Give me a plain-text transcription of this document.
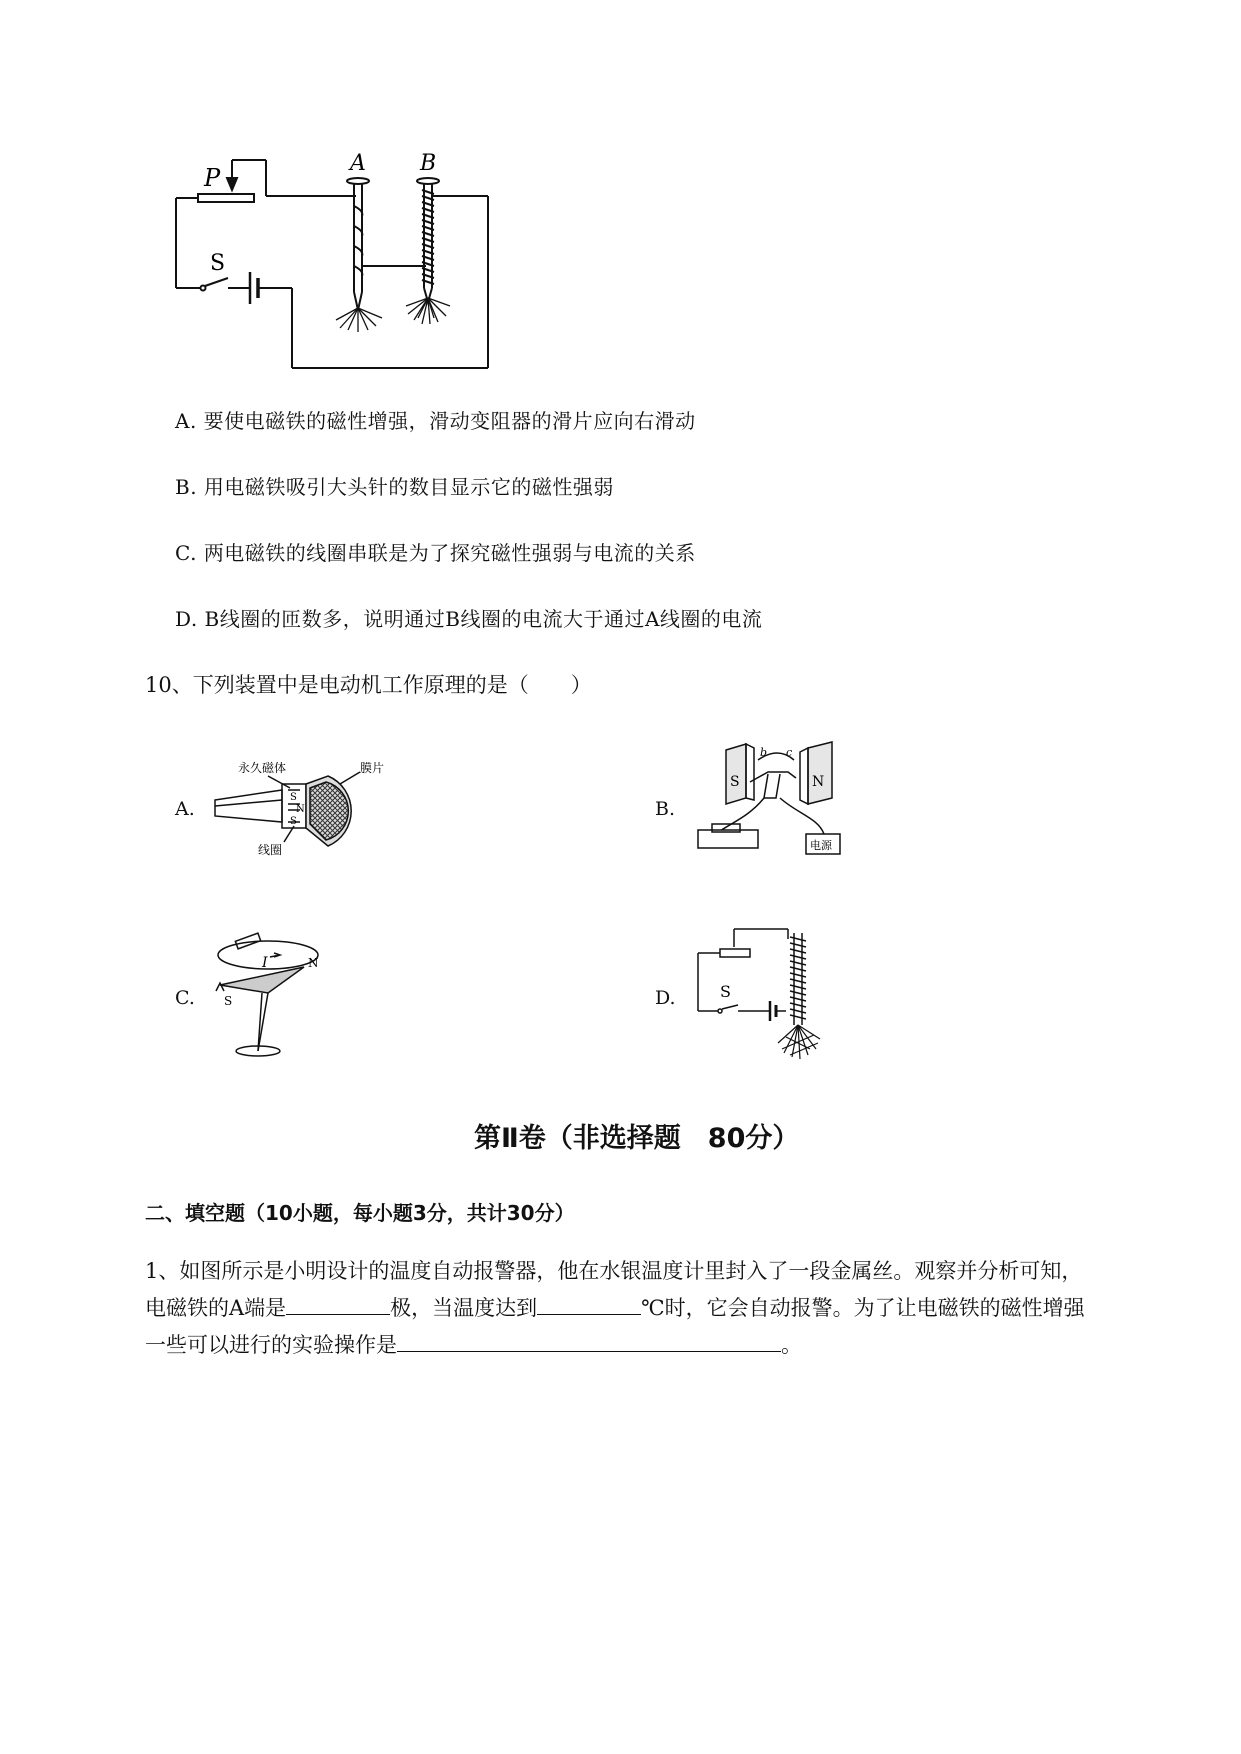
P
A B
S
A. 要使电磁铁的磁性增强，滑动变阻器的滑片应向右滑动
B. 用电磁铁吸引大头针的数目显示它的磁性强弱
C. 两电磁铁的线圈串联是为了探究磁性强弱与电流的关系
D. B线圈的匝数多，说明通过B线圈的电流大于通过A线圈的电流
10、下列装置中是电动机工作原理的是（　　）
A.
永久磁体	膜片
线圈
S
N
S
B.
S	N
b c
电源
C.
I
S
N
D.	S
第Ⅱ卷（非选择题　80分）
二、填空题（10小题，每小题3分，共计30分）
1、如图所示是小明设计的温度自动报警器，他在水银温度计里封入了一段金属丝。观察并分析可知，
电磁铁的A端是	极，当温度达到	℃时，它会自动报警。为了让电磁铁的磁性增强
一些可以进行的实验操作是	。
